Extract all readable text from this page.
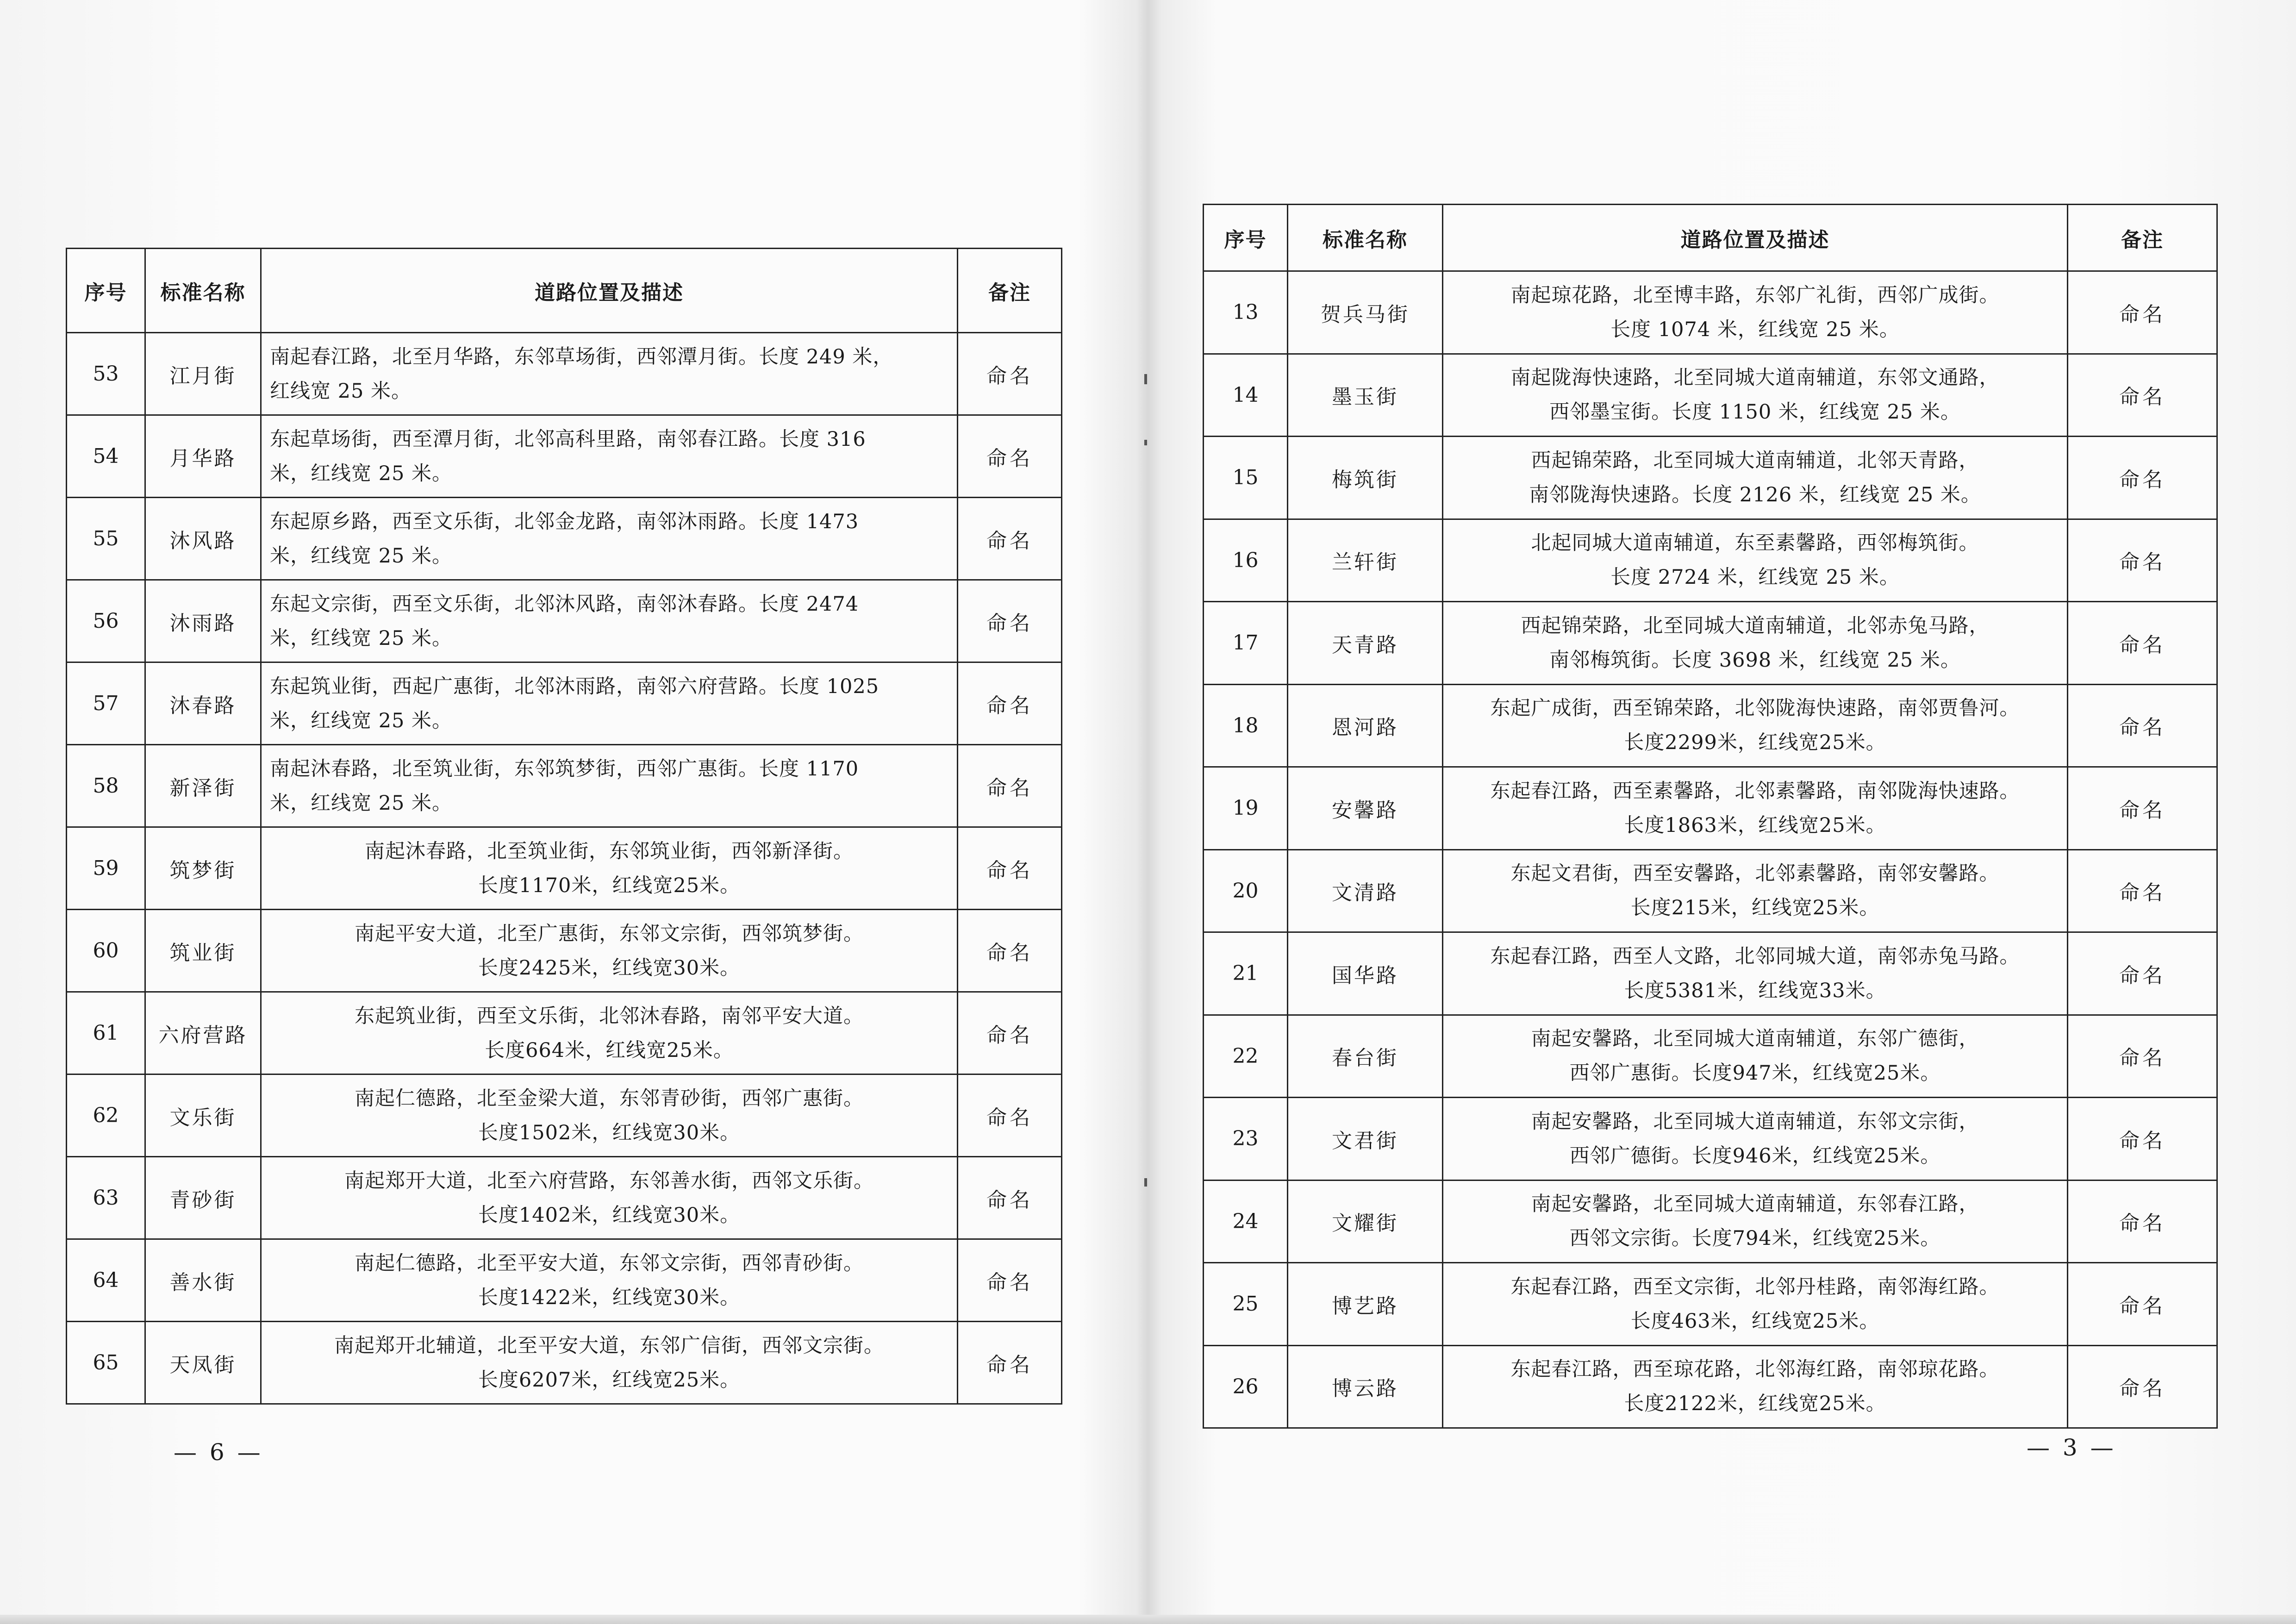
序号	标准名称	道路位置及描述	备注
53	江月街	南起春江路，北至月华路，东邻草场街，西邻潭月街。长度 249 米，
红线宽 25 米。	命名
54	月华路	东起草场街，西至潭月街，北邻高科里路，南邻春江路。长度 316
米，红线宽 25 米。	命名
55	沐风路	东起原乡路，西至文乐街，北邻金龙路，南邻沐雨路。长度 1473
米，红线宽 25 米。	命名
56	沐雨路	东起文宗街，西至文乐街，北邻沐风路，南邻沐春路。长度 2474
米，红线宽 25 米。	命名
57	沐春路	东起筑业街，西起广惠街，北邻沐雨路，南邻六府营路。长度 1025
米，红线宽 25 米。	命名
58	新泽街	南起沐春路，北至筑业街，东邻筑梦街，西邻广惠街。长度 1170
米，红线宽 25 米。	命名
59	筑梦街	南起沐春路，北至筑业街，东邻筑业街，西邻新泽街。
长度1170米，红线宽25米。	命名
60	筑业街	南起平安大道，北至广惠街，东邻文宗街，西邻筑梦街。
长度2425米，红线宽30米。	命名
61	六府营路	东起筑业街，西至文乐街，北邻沐春路，南邻平安大道。
长度664米，红线宽25米。	命名
62	文乐街	南起仁德路，北至金梁大道，东邻青砂街，西邻广惠街。
长度1502米，红线宽30米。	命名
63	青砂街	南起郑开大道，北至六府营路，东邻善水街，西邻文乐街。
长度1402米，红线宽30米。	命名
64	善水街	南起仁德路，北至平安大道，东邻文宗街，西邻青砂街。
长度1422米，红线宽30米。	命名
65	天凤街	南起郑开北辅道，北至平安大道，东邻广信街，西邻文宗街。
长度6207米，红线宽25米。	命名
序号	标准名称	道路位置及描述	备注
13	贺兵马街	南起琼花路，北至博丰路，东邻广礼街，西邻广成街。
长度 1074 米，红线宽 25 米。	命名
14	墨玉街	南起陇海快速路，北至同城大道南辅道，东邻文通路，
西邻墨宝街。长度 1150 米，红线宽 25 米。	命名
15	梅筑街	西起锦荣路，北至同城大道南辅道，北邻天青路，
南邻陇海快速路。长度 2126 米，红线宽 25 米。	命名
16	兰轩街	北起同城大道南辅道，东至素馨路，西邻梅筑街。
长度 2724 米，红线宽 25 米。	命名
17	天青路	西起锦荣路，北至同城大道南辅道，北邻赤兔马路，
南邻梅筑街。长度 3698 米，红线宽 25 米。	命名
18	恩河路	东起广成街，西至锦荣路，北邻陇海快速路，南邻贾鲁河。
长度2299米，红线宽25米。	命名
19	安馨路	东起春江路，西至素馨路，北邻素馨路，南邻陇海快速路。
长度1863米，红线宽25米。	命名
20	文清路	东起文君街，西至安馨路，北邻素馨路，南邻安馨路。
长度215米，红线宽25米。	命名
21	国华路	东起春江路，西至人文路，北邻同城大道，南邻赤兔马路。
长度5381米，红线宽33米。	命名
22	春台街	南起安馨路，北至同城大道南辅道，东邻广德街，
西邻广惠街。长度947米，红线宽25米。	命名
23	文君街	南起安馨路，北至同城大道南辅道，东邻文宗街，
西邻广德街。长度946米，红线宽25米。	命名
24	文耀街	南起安馨路，北至同城大道南辅道，东邻春江路，
西邻文宗街。长度794米，红线宽25米。	命名
25	博艺路	东起春江路，西至文宗街，北邻丹桂路，南邻海红路。
长度463米，红线宽25米。	命名
26	博云路	东起春江路，西至琼花路，北邻海红路，南邻琼花路。
长度2122米，红线宽25米。	命名
— 6 —	— 3 —
